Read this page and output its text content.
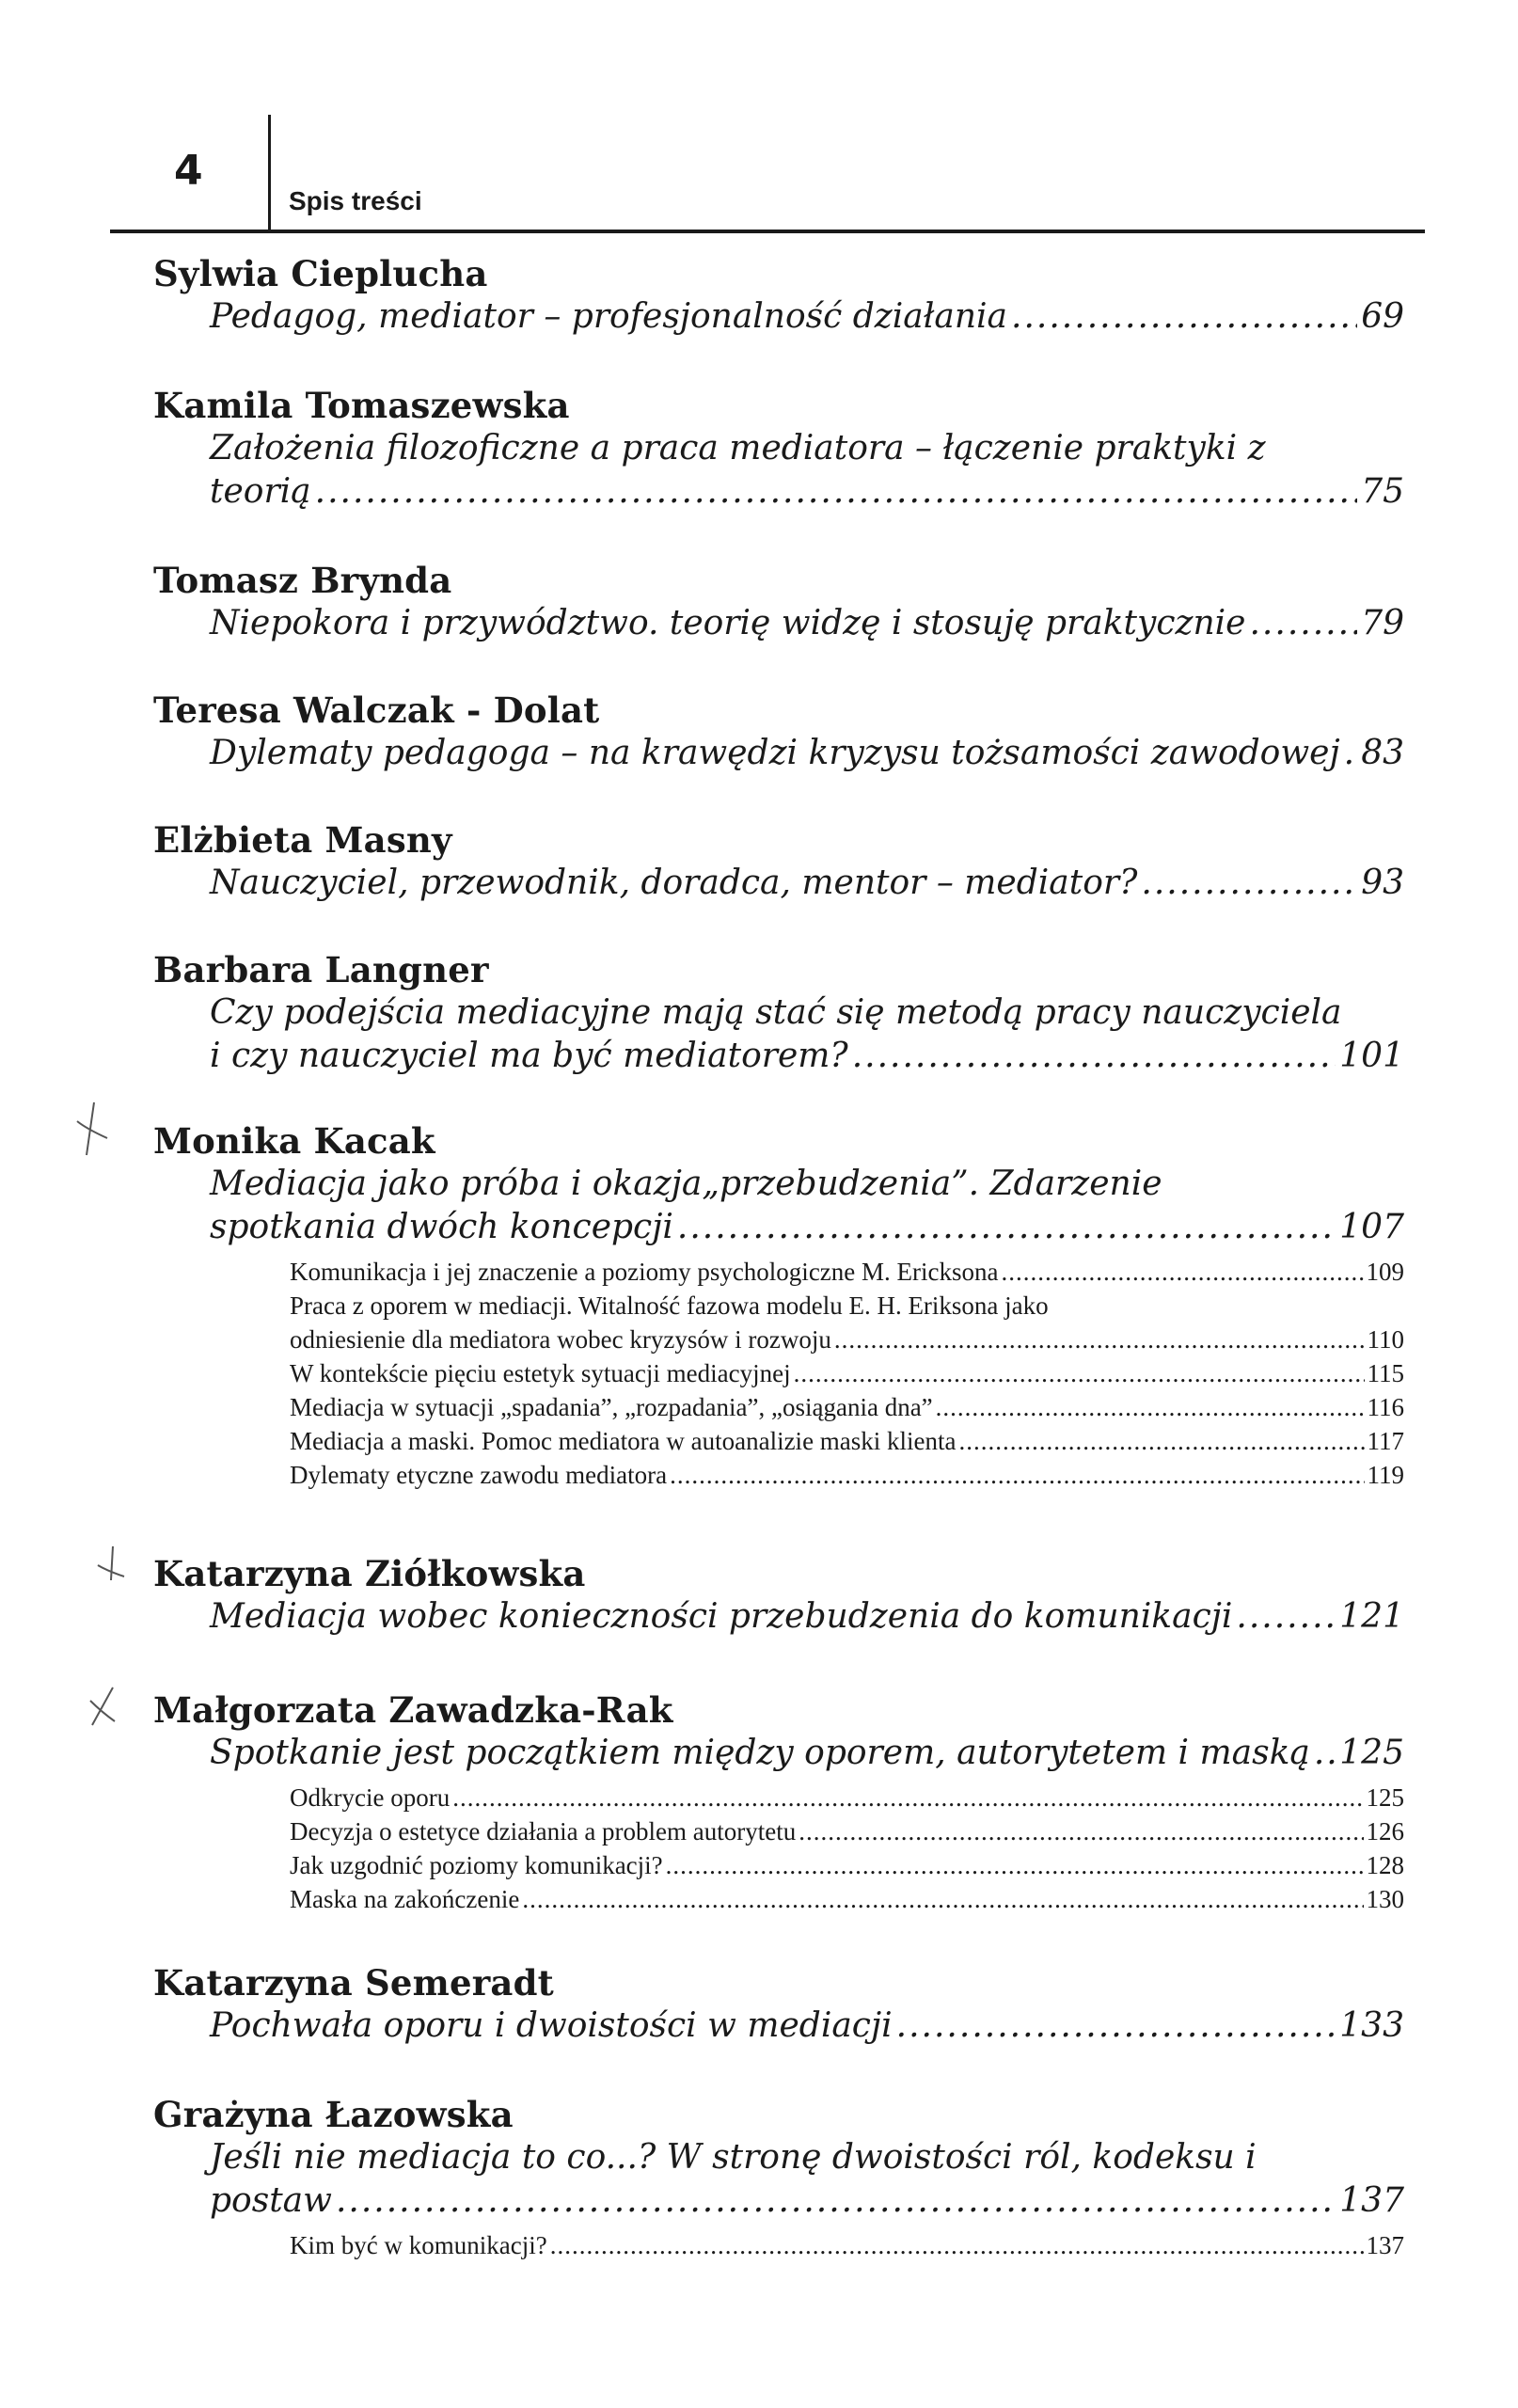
4
Spis treści
Sylwia Cieplucha
Pedagog, mediator – profesjonalność działania .....	69
Kamila Tomaszewska
Założenia filozoficzne a praca mediatora – łączenie praktyki z
teorią .....	75
Tomasz Brynda
Niepokora i przywództwo. teorię widzę i stosuję praktycznie .....	79
Teresa Walczak - Dolat
Dylematy pedagoga – na krawędzi kryzysu tożsamości zawodowej ..... 83
Elżbieta Masny
Nauczyciel, przewodnik, doradca, mentor – mediator? .....	93
Barbara Langner
Czy podejścia mediacyjne mają stać się metodą pracy nauczyciela
i czy nauczyciel ma być mediatorem? .....	101
Monika Kacak
Mediacja jako próba i okazja„przebudzenia”. Zdarzenie
spotkania dwóch koncepcji .....	107
Komunikacja i jej znaczenie a poziomy psychologiczne M. Ericksona .....	109
Praca z oporem w mediacji. Witalność fazowa modelu E. H. Eriksona jako
odniesienie dla mediatora wobec kryzysów i rozwoju .....	110
W kontekście pięciu estetyk sytuacji mediacyjnej .....	115
Mediacja w sytuacji „spadania”, „rozpadania”, „osiągania dna” .....	116
Mediacja a maski. Pomoc mediatora w autoanalizie maski klienta .....	117
Dylematy etyczne zawodu mediatora .....	119
Katarzyna Ziółkowska
Mediacja wobec konieczności przebudzenia do komunikacji .....	121
Małgorzata Zawadzka-Rak
Spotkanie jest początkiem między oporem, autorytetem i maską ..... 125
Odkrycie oporu .....	125
Decyzja o estetyce działania a problem autorytetu .....	126
Jak uzgodnić poziomy komunikacji? .....	128
Maska na zakończenie .....	130
Katarzyna Semeradt
Pochwała oporu i dwoistości w mediacji .....	133
Grażyna Łazowska
Jeśli nie mediacja to co...? W stronę dwoistości ról, kodeksu i
postaw .....	137
Kim być w komunikacji? .....	137
